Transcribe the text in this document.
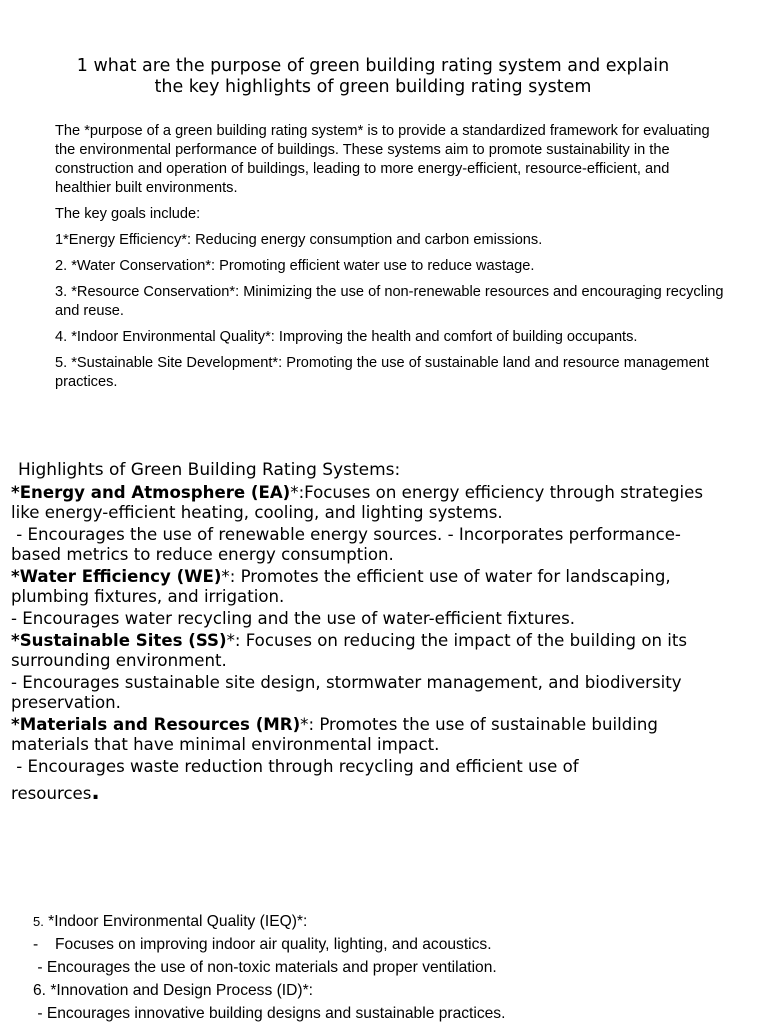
1 what are the purpose of green building rating system and explain
the key highlights of green building rating system

The *purpose of a green building rating system* is to provide a standardized framework for evaluating the environmental performance of buildings. These systems aim to promote sustainability in the construction and operation of buildings, leading to more energy-efficient, resource-efficient, and healthier built environments.

The key goals include:

1*Energy Efficiency*: Reducing energy consumption and carbon emissions.

2. *Water Conservation*: Promoting efficient water use to reduce wastage.

3. *Resource Conservation*: Minimizing the use of non-renewable resources and encouraging recycling and reuse.

4. *Indoor Environmental Quality*: Improving the health and comfort of building occupants.

5. *Sustainable Site Development*: Promoting the use of sustainable land and resource management practices.

Highlights of Green Building Rating Systems:
*Energy and Atmosphere (EA)*:Focuses on energy efficiency through strategies like energy-efficient heating, cooling, and lighting systems.
- Encourages the use of renewable energy sources. - Incorporates performance-based metrics to reduce energy consumption.
*Water Efficiency (WE)*: Promotes the efficient use of water for landscaping, plumbing fixtures, and irrigation.
- Encourages water recycling and the use of water-efficient fixtures.
*Sustainable Sites (SS)*: Focuses on reducing the impact of the building on its surrounding environment.
- Encourages sustainable site design, stormwater management, and biodiversity preservation.
*Materials and Resources (MR)*: Promotes the use of sustainable building materials that have minimal environmental impact.
- Encourages waste reduction through recycling and efficient use of
resources.
5. *Indoor Environmental Quality (IEQ)*:
- Focuses on improving indoor air quality, lighting, and acoustics.
- Encourages the use of non-toxic materials and proper ventilation.
6. *Innovation and Design Process (ID)*:
- Encourages innovative building designs and sustainable practices.
